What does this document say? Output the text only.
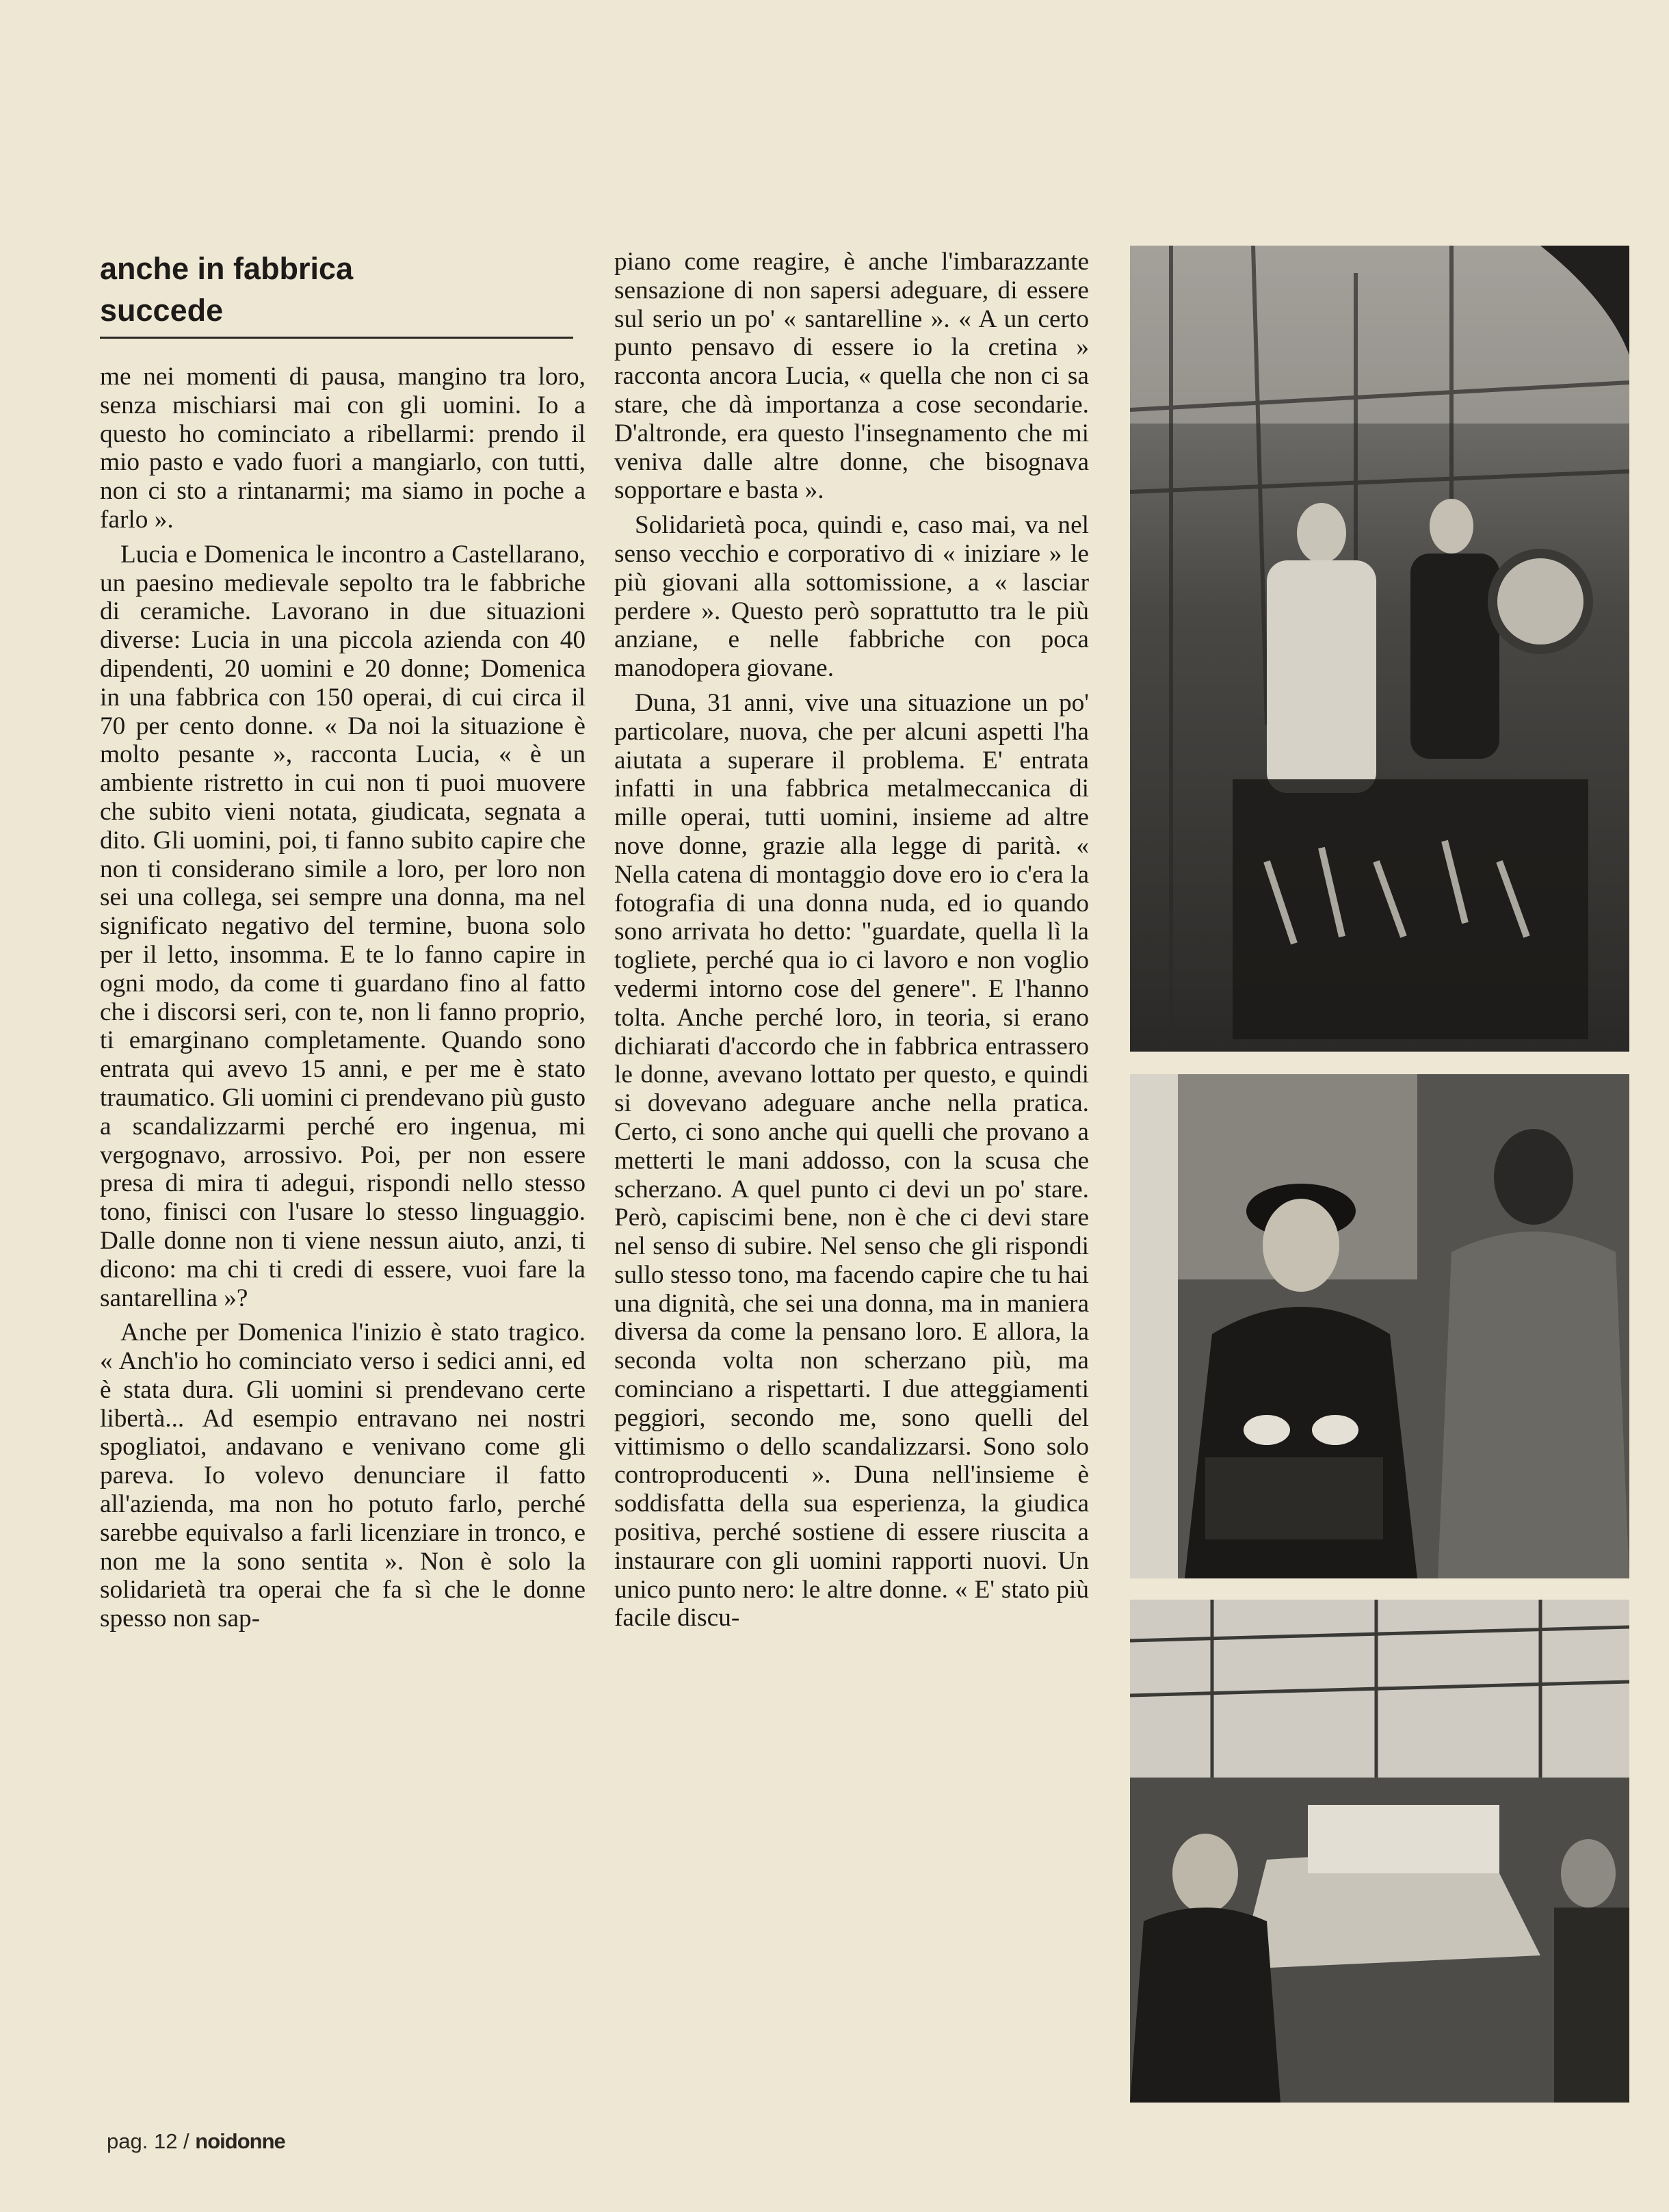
anche in fabbrica
succede

me nei momenti di pausa, mangino tra loro, senza mischiarsi mai con gli uomini. Io a questo ho cominciato a ribellarmi: prendo il mio pasto e vado fuori a mangiarlo, con tutti, non ci sto a rintanarmi; ma siamo in poche a farlo ».

Lucia e Domenica le incontro a Castellarano, un paesino medievale sepolto tra le fabbriche di ceramiche. Lavorano in due situazioni diverse: Lucia in una piccola azienda con 40 dipendenti, 20 uomini e 20 donne; Domenica in una fabbrica con 150 operai, di cui circa il 70 per cento donne. « Da noi la situazione è molto pesante », racconta Lucia, « è un ambiente ristretto in cui non ti puoi muovere che subito vieni notata, giudicata, segnata a dito. Gli uomini, poi, ti fanno subito capire che non ti considerano simile a loro, per loro non sei una collega, sei sempre una donna, ma nel significato negativo del termine, buona solo per il letto, insomma. E te lo fanno capire in ogni modo, da come ti guardano fino al fatto che i discorsi seri, con te, non li fanno proprio, ti emarginano completamente. Quando sono entrata qui avevo 15 anni, e per me è stato traumatico. Gli uomini ci prendevano più gusto a scandalizzarmi perché ero ingenua, mi vergognavo, arrossivo. Poi, per non essere presa di mira ti adegui, rispondi nello stesso tono, finisci con l'usare lo stesso linguaggio. Dalle donne non ti viene nessun aiuto, anzi, ti dicono: ma chi ti credi di essere, vuoi fare la santarellina »?

Anche per Domenica l'inizio è stato tragico. « Anch'io ho cominciato verso i sedici anni, ed è stata dura. Gli uomini si prendevano certe libertà... Ad esempio entravano nei nostri spogliatoi, andavano e venivano come gli pareva. Io volevo denunciare il fatto all'azienda, ma non ho potuto farlo, perché sarebbe equivalso a farli licenziare in tronco, e non me la sono sentita ». Non è solo la solidarietà tra operai che fa sì che le donne spesso non sap-

piano come reagire, è anche l'imbarazzante sensazione di non sapersi adeguare, di essere sul serio un po' « santarelline ». « A un certo punto pensavo di essere io la cretina » racconta ancora Lucia, « quella che non ci sa stare, che dà importanza a cose secondarie. D'altronde, era questo l'insegnamento che mi veniva dalle altre donne, che bisognava sopportare e basta ».

Solidarietà poca, quindi e, caso mai, va nel senso vecchio e corporativo di « iniziare » le più giovani alla sottomissione, a « lasciar perdere ». Questo però soprattutto tra le più anziane, e nelle fabbriche con poca manodopera giovane.

Duna, 31 anni, vive una situazione un po' particolare, nuova, che per alcuni aspetti l'ha aiutata a superare il problema. E' entrata infatti in una fabbrica metalmeccanica di mille operai, tutti uomini, insieme ad altre nove donne, grazie alla legge di parità. « Nella catena di montaggio dove ero io c'era la fotografia di una donna nuda, ed io quando sono arrivata ho detto: "guardate, quella lì la togliete, perché qua io ci lavoro e non voglio vedermi intorno cose del genere". E l'hanno tolta. Anche perché loro, in teoria, si erano dichiarati d'accordo che in fabbrica entrassero le donne, avevano lottato per questo, e quindi si dovevano adeguare anche nella pratica. Certo, ci sono anche qui quelli che provano a metterti le mani addosso, con la scusa che scherzano. A quel punto ci devi un po' stare. Però, capiscimi bene, non è che ci devi stare nel senso di subire. Nel senso che gli rispondi sullo stesso tono, ma facendo capire che tu hai una dignità, che sei una donna, ma in maniera diversa da come la pensano loro. E allora, la seconda volta non scherzano più, ma cominciano a rispettarti. I due atteggiamenti peggiori, secondo me, sono quelli del vittimismo o dello scandalizzarsi. Sono solo controproducenti ». Duna nell'insieme è soddisfatta della sua esperienza, la giudica positiva, perché sostiene di essere riuscita a instaurare con gli uomini rapporti nuovi. Un unico punto nero: le altre donne. « E' stato più facile discu-

pag. 12 / noidonne
